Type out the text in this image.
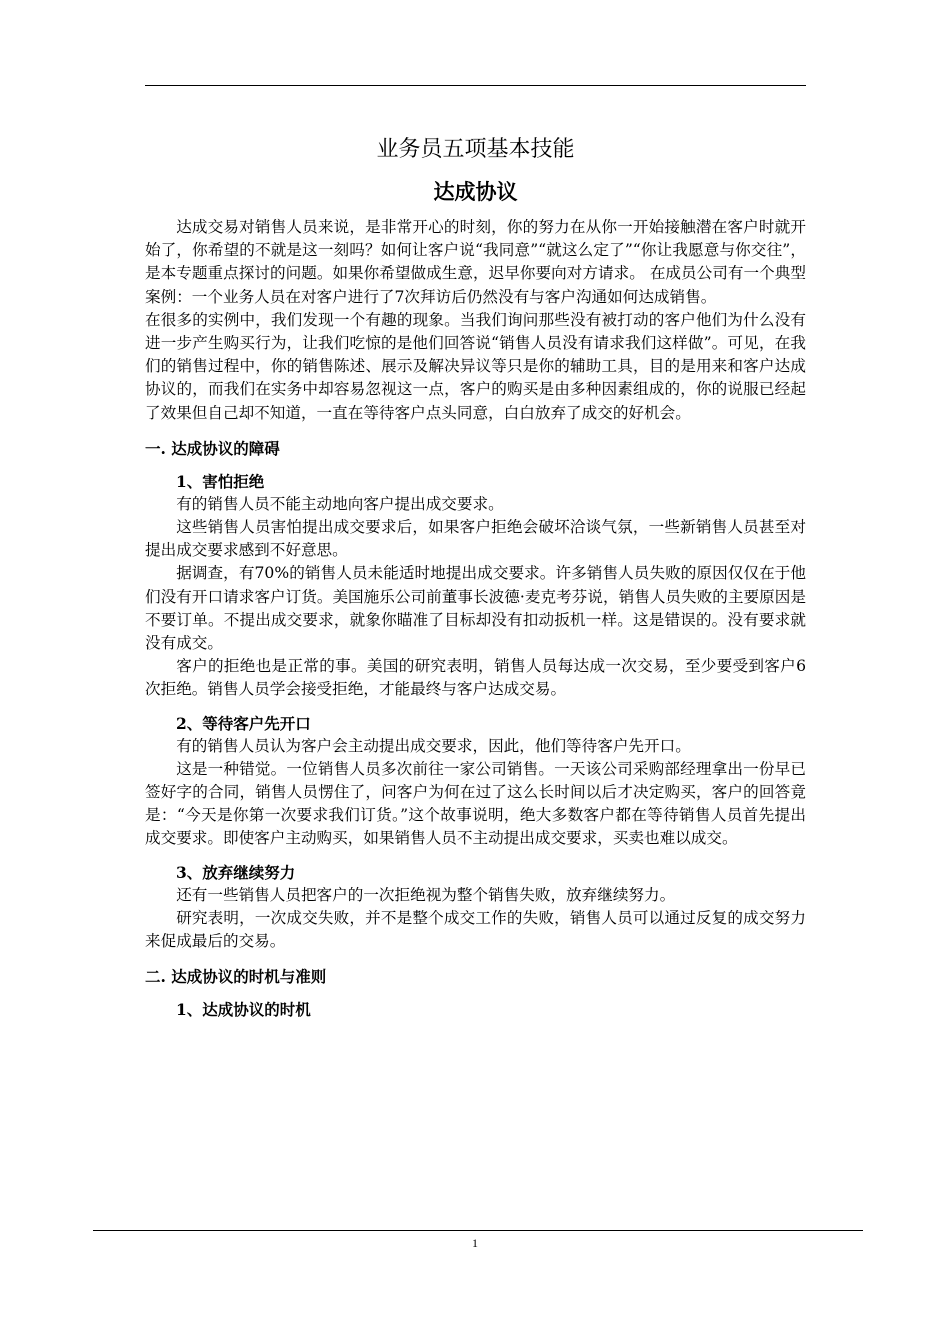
业务员五项基本技能
达成协议

达成交易对销售人员来说，是非常开心的时刻，你的努力在从你一开始接触潜在客户时就开始了，你希望的不就是这一刻吗？如何让客户说“我同意”“就这么定了”“你让我愿意与你交往”，是本专题重点探讨的问题。如果你希望做成生意，迟早你要向对方请求。 在成员公司有一个典型案例：一个业务人员在对客户进行了7次拜访后仍然没有与客户沟通如何达成销售。

在很多的实例中，我们发现一个有趣的现象。当我们询问那些没有被打动的客户他们为什么没有进一步产生购买行为，让我们吃惊的是他们回答说“销售人员没有请求我们这样做”。可见，在我们的销售过程中，你的销售陈述、展示及解决异议等只是你的辅助工具，目的是用来和客户达成协议的，而我们在实务中却容易忽视这一点，客户的购买是由多种因素组成的，你的说服已经起了效果但自己却不知道，一直在等待客户点头同意，白白放弃了成交的好机会。

一. 达成协议的障碍
1、害怕拒绝

有的销售人员不能主动地向客户提出成交要求。

这些销售人员害怕提出成交要求后，如果客户拒绝会破坏洽谈气氛，一些新销售人员甚至对提出成交要求感到不好意思。

据调查，有70%的销售人员未能适时地提出成交要求。许多销售人员失败的原因仅仅在于他们没有开口请求客户订货。美国施乐公司前董事长波德·麦克考芬说，销售人员失败的主要原因是不要订单。不提出成交要求，就象你瞄准了目标却没有扣动扳机一样。这是错误的。没有要求就没有成交。

客户的拒绝也是正常的事。美国的研究表明，销售人员每达成一次交易，至少要受到客户6次拒绝。销售人员学会接受拒绝，才能最终与客户达成交易。

2、等待客户先开口

有的销售人员认为客户会主动提出成交要求，因此，他们等待客户先开口。

这是一种错觉。一位销售人员多次前往一家公司销售。一天该公司采购部经理拿出一份早已签好字的合同，销售人员愣住了，问客户为何在过了这么长时间以后才决定购买，客户的回答竟是：“今天是你第一次要求我们订货。”这个故事说明，绝大多数客户都在等待销售人员首先提出成交要求。即使客户主动购买，如果销售人员不主动提出成交要求，买卖也难以成交。

3、放弃继续努力

还有一些销售人员把客户的一次拒绝视为整个销售失败，放弃继续努力。

研究表明，一次成交失败，并不是整个成交工作的失败，销售人员可以通过反复的成交努力来促成最后的交易。

二. 达成协议的时机与准则
1、达成协议的时机
1
